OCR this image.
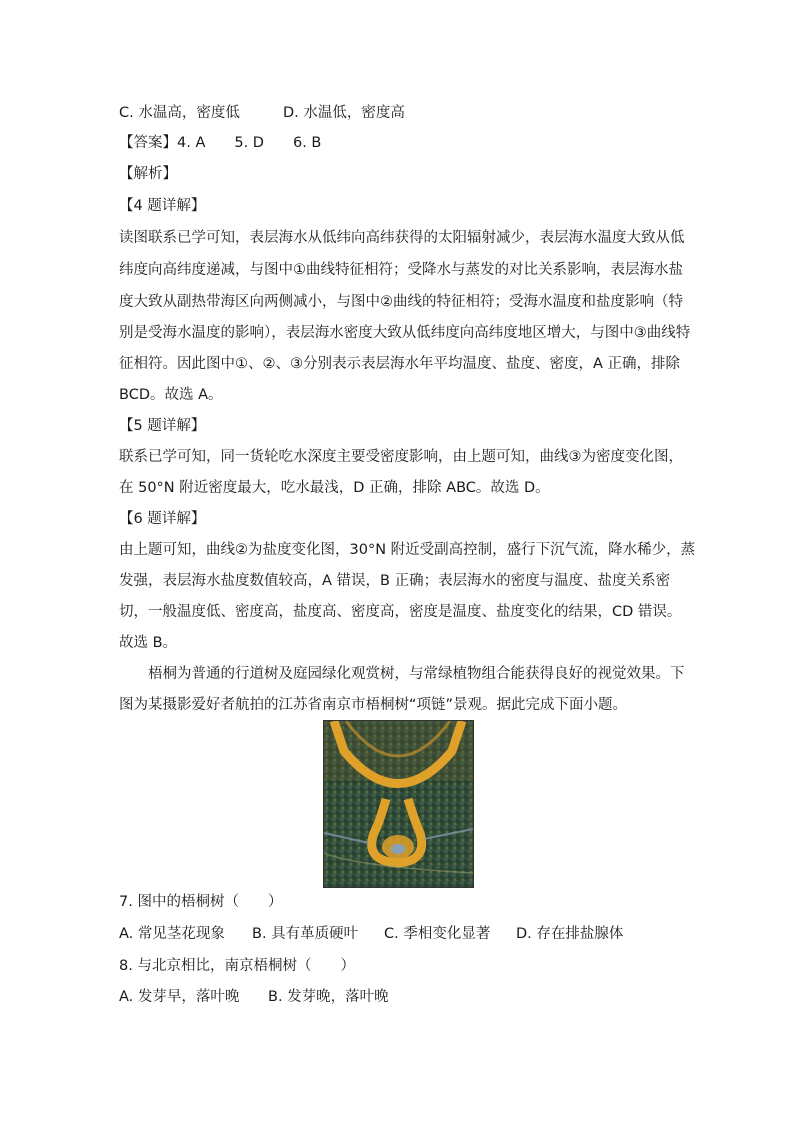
C. 水温高，密度低	D. 水温低，密度高
【答案】4. A　　5. D　　6. B
【解析】
【4 题详解】
读图联系已学可知，表层海水从低纬向高纬获得的太阳辐射减少，表层海水温度大致从低
纬度向高纬度递减，与图中①曲线特征相符；受降水与蒸发的对比关系影响，表层海水盐
度大致从副热带海区向两侧减小，与图中②曲线的特征相符；受海水温度和盐度影响（特
别是受海水温度的影响），表层海水密度大致从低纬度向高纬度地区增大，与图中③曲线特
征相符。因此图中①、②、③分别表示表层海水年平均温度、盐度、密度，A 正确，排除
BCD。故选 A。
【5 题详解】
联系已学可知，同一货轮吃水深度主要受密度影响，由上题可知，曲线③为密度变化图，
在 50°N 附近密度最大，吃水最浅，D 正确，排除 ABC。故选 D。
【6 题详解】
由上题可知，曲线②为盐度变化图，30°N 附近受副高控制，盛行下沉气流，降水稀少，蒸
发强，表层海水盐度数值较高，A 错误，B 正确；表层海水的密度与温度、盐度关系密
切，一般温度低、密度高，盐度高、密度高，密度是温度、盐度变化的结果，CD 错误。
故选 B。
梧桐为普通的行道树及庭园绿化观赏树，与常绿植物组合能获得良好的视觉效果。下
图为某摄影爱好者航拍的江苏省南京市梧桐树“项链”景观。据此完成下面小题。
7. 图中的梧桐树（　　）
A. 常见茎花现象 B. 具有革质硬叶 C. 季相变化显著 D. 存在排盐腺体
8. 与北京相比，南京梧桐树（　　）
A. 发芽早，落叶晚 B. 发芽晚，落叶晚
